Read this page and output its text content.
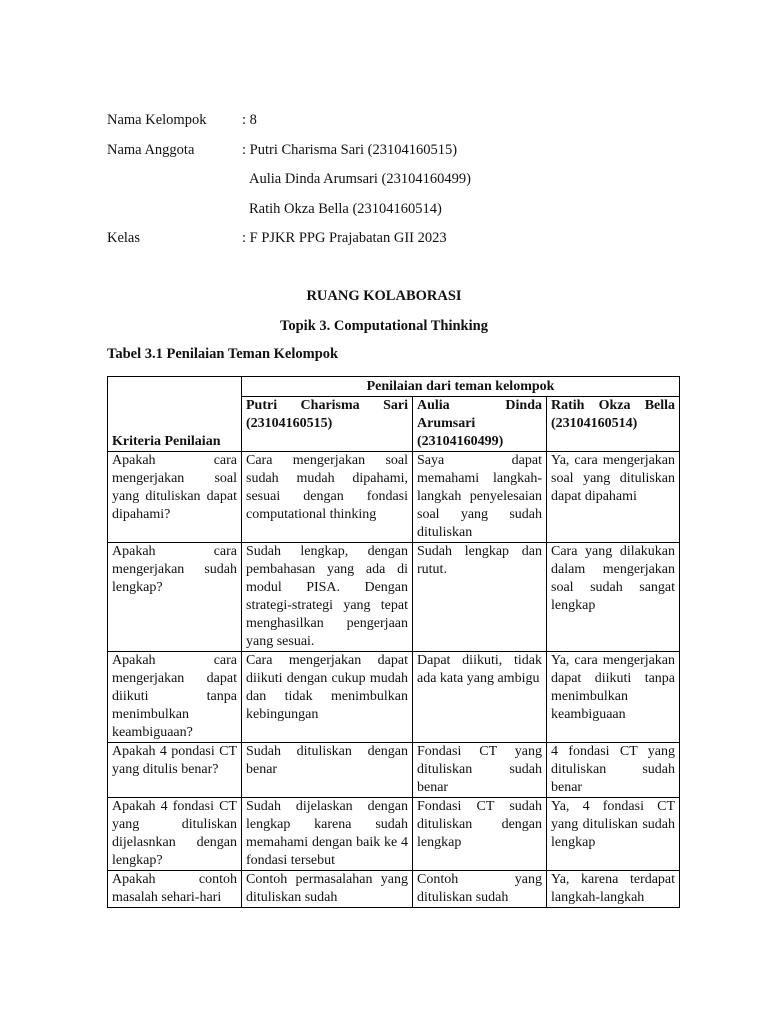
Nama Kelompok : 8
Nama Anggota	: Putri Charisma Sari (23104160515)
Aulia Dinda Arumsari (23104160499)
Ratih Okza Bella (23104160514)
Kelas	: F PJKR PPG Prajabatan GII 2023
RUANG KOLABORASI
Topik 3. Computational Thinking
Tabel 3.1 Penilaian Teman Kelompok
Kriteria Penilaian	Penilaian dari teman kelompok		
	Putri Charisma Sari (23104160515)	Aulia Dinda Arumsari (23104160499)	Ratih Okza Bella (23104160514)
Apakah cara mengerjakan soal yang dituliskan dapat dipahami?	Cara mengerjakan soal sudah mudah dipahami, sesuai dengan fondasi computational thinking	Saya dapat memahami langkah-langkah penyelesaian soal yang sudah dituliskan	Ya, cara mengerjakan soal yang dituliskan dapat dipahami
Apakah cara mengerjakan sudah lengkap?	Sudah lengkap, dengan pembahasan yang ada di modul PISA. Dengan strategi-strategi yang tepat menghasilkan pengerjaan yang sesuai.	Sudah lengkap dan rutut.	Cara yang dilakukan dalam mengerjakan soal sudah sangat lengkap
Apakah cara mengerjakan dapat diikuti tanpa menimbulkan keambiguaan?	Cara mengerjakan dapat diikuti dengan cukup mudah dan tidak menimbulkan kebingungan	Dapat diikuti, tidak ada kata yang ambigu	Ya, cara mengerjakan dapat diikuti tanpa menimbulkan keambiguaan
Apakah 4 pondasi CT yang ditulis benar?	Sudah dituliskan dengan benar	Fondasi CT yang dituliskan sudah benar	4 fondasi CT yang dituliskan sudah benar
Apakah 4 fondasi CT yang dituliskan dijelasnkan dengan lengkap?	Sudah dijelaskan dengan lengkap karena sudah memahami dengan baik ke 4 fondasi tersebut	Fondasi CT sudah dituliskan dengan lengkap	Ya, 4 fondasi CT yang dituliskan sudah lengkap
Apakah contoh masalah sehari-hari	Contoh permasalahan yang dituliskan sudah	Contoh yang dituliskan sudah	Ya, karena terdapat langkah-langkah
